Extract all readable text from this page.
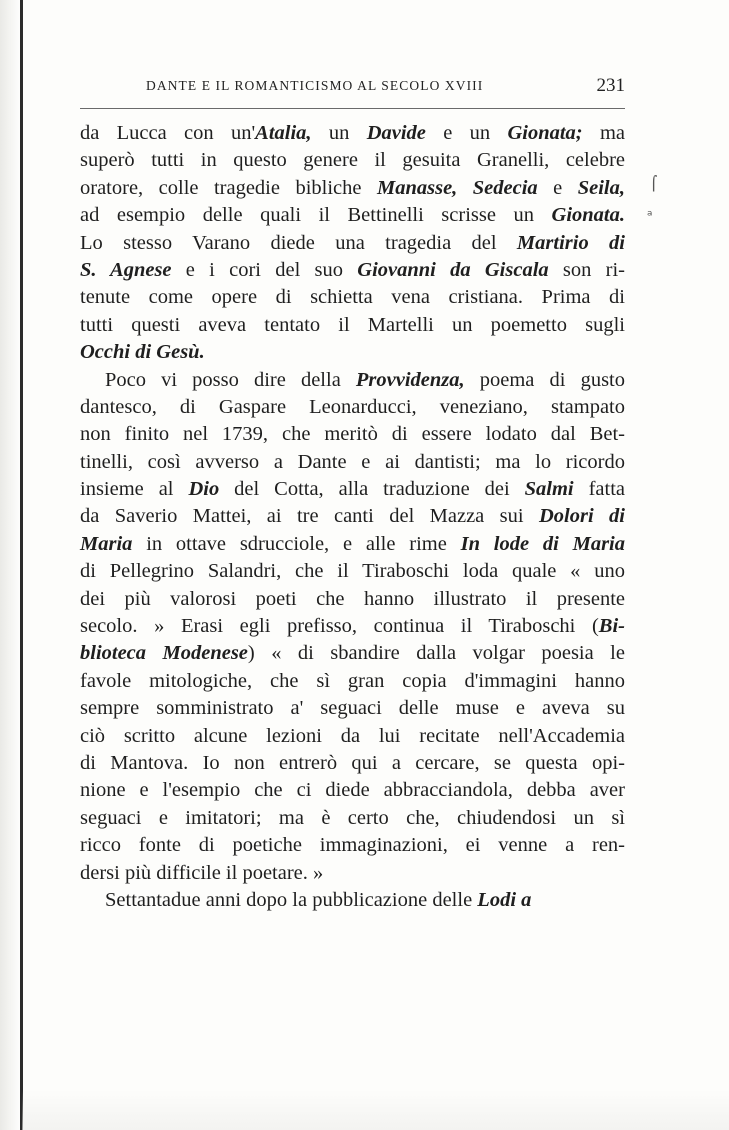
DANTE E IL ROMANTICISMO AL SECOLO XVIII	231
da Lucca con un'Atalia, un Davide e un Gionata; ma
superò tutti in questo genere il gesuita Granelli, celebre
oratore, colle tragedie bibliche Manasse, Sedecia e Seila,
ad esempio delle quali il Bettinelli scrisse un Gionata.
Lo stesso Varano diede una tragedia del Martirio di
S. Agnese e i cori del suo Giovanni da Giscala son ri-
tenute come opere di schietta vena cristiana. Prima di
tutti questi aveva tentato il Martelli un poemetto sugli
Occhi di Gesù.
Poco vi posso dire della Provvidenza, poema di gusto
dantesco, di Gaspare Leonarducci, veneziano, stampato
non finito nel 1739, che meritò di essere lodato dal Bet-
tinelli, così avverso a Dante e ai dantisti; ma lo ricordo
insieme al Dio del Cotta, alla traduzione dei Salmi fatta
da Saverio Mattei, ai tre canti del Mazza sui Dolori di
Maria in ottave sdrucciole, e alle rime In lode di Maria
di Pellegrino Salandri, che il Tiraboschi loda quale « uno
dei più valorosi poeti che hanno illustrato il presente
secolo. » Erasi egli prefisso, continua il Tiraboschi (Bi-
blioteca Modenese) « di sbandire dalla volgar poesia le
favole mitologiche, che sì gran copia d'immagini hanno
sempre somministrato a' seguaci delle muse e aveva su
ciò scritto alcune lezioni da lui recitate nell'Accademia
di Mantova. Io non entrerò qui a cercare, se questa opi-
nione e l'esempio che ci diede abbracciandola, debba aver
seguaci e imitatori; ma è certo che, chiudendosi un sì
ricco fonte di poetiche immaginazioni, ei venne a ren-
dersi più difficile il poetare. »
Settantadue anni dopo la pubblicazione delle Lodi a
⌠
ᵃ
